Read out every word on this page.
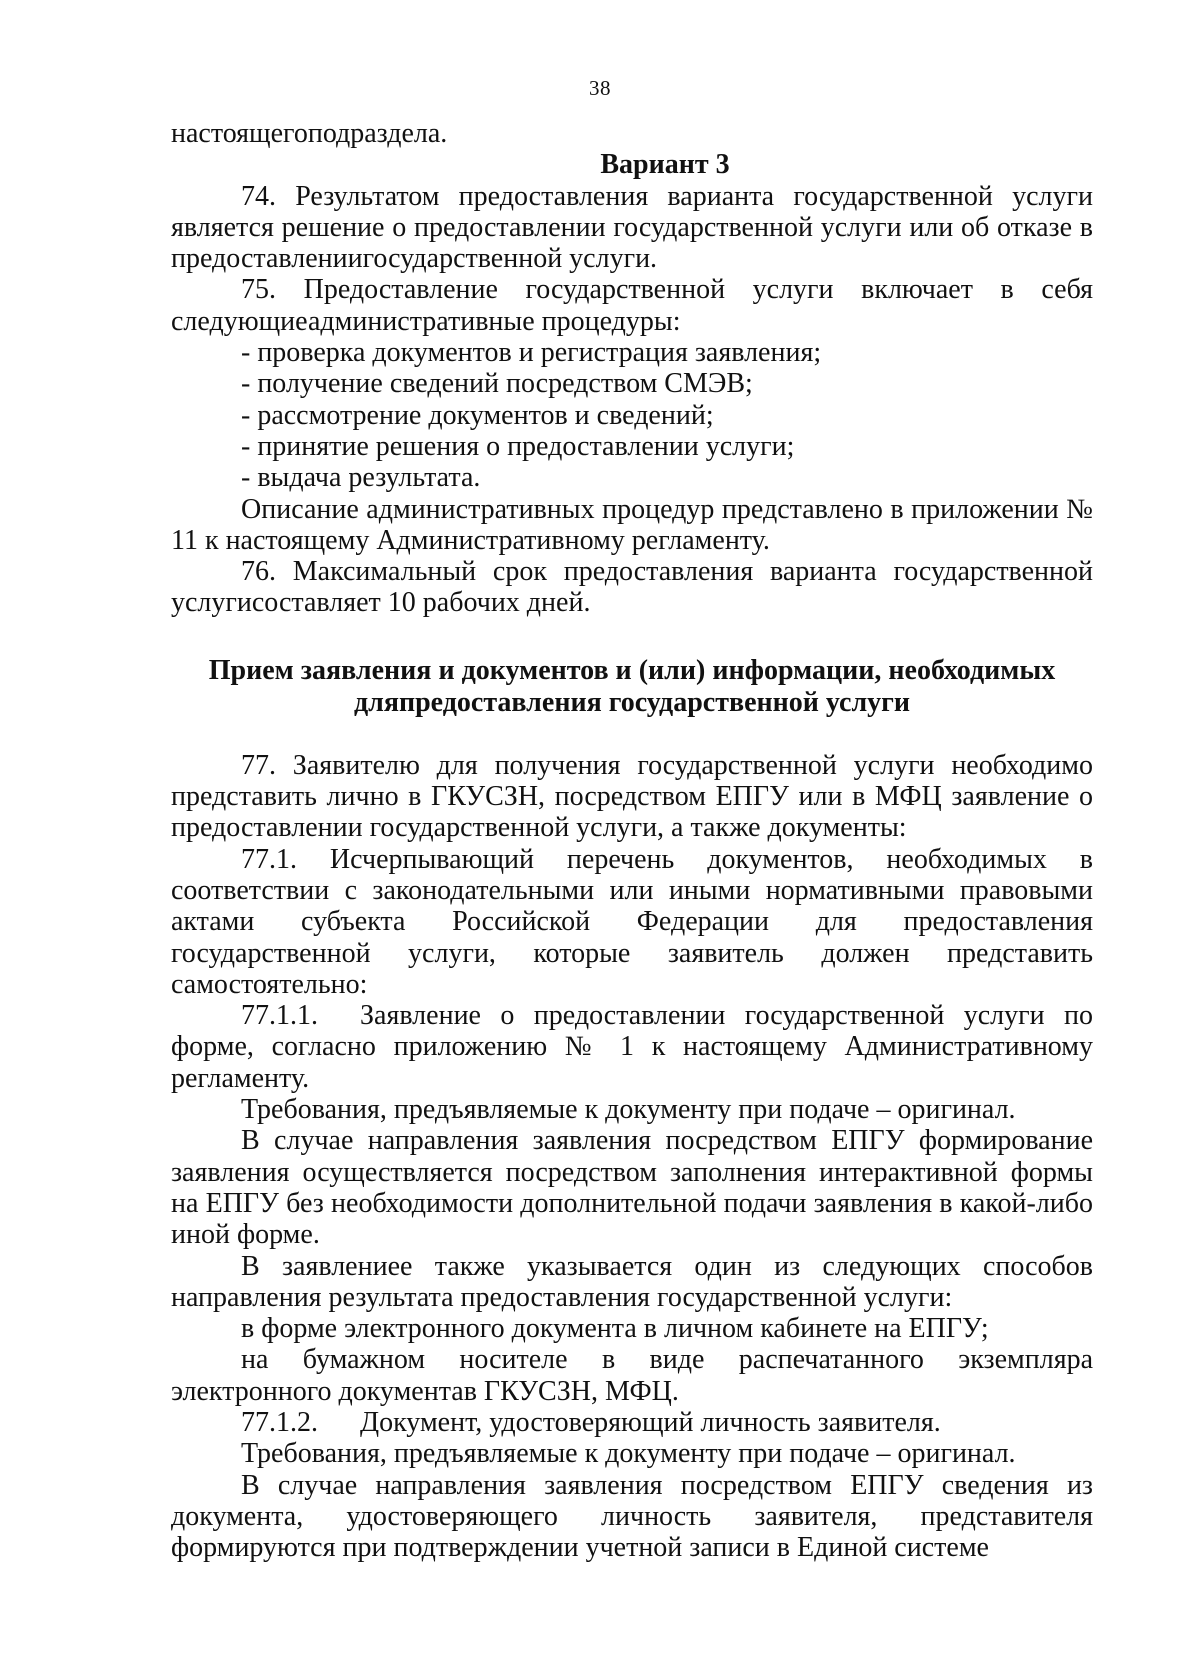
38

настоящегоподраздела.

Вариант 3

74. Результатом предоставления варианта государственной услуги является решение о предоставлении государственной услуги или об отказе в предоставлениигосударственной услуги.

75. Предоставление государственной услуги включает в себя следующиеадминистративные процедуры:

- проверка документов и регистрация заявления;

- получение сведений посредством СМЭВ;

- рассмотрение документов и сведений;

- принятие решения о предоставлении услуги;

- выдача результата.

Описание административных процедур представлено в приложении № 11 к настоящему Административному регламенту.

76. Максимальный срок предоставления варианта государственной услугисоставляет 10 рабочих дней.

Прием заявления и документов и (или) информации, необходимых
дляпредоставления государственной услуги

77. Заявителю для получения государственной услуги необходимо представить лично в ГКУСЗН, посредством ЕПГУ или в МФЦ заявление о предоставлении государственной услуги, а также документы:

77.1. Исчерпывающий перечень документов, необходимых в соответствии с законодательными или иными нормативными правовыми актами субъекта Российской Федерации для предоставления государственной услуги, которые заявитель должен представить самостоятельно:

77.1.1. Заявление о предоставлении государственной услуги по форме, согласно приложению № 1 к настоящему Административному регламенту.

Требования, предъявляемые к документу при подаче – оригинал.

В случае направления заявления посредством ЕПГУ формирование заявления осуществляется посредством заполнения интерактивной формы на ЕПГУ без необходимости дополнительной подачи заявления в какой-либо иной форме.

В заявлениее также указывается один из следующих способов направления результата предоставления государственной услуги:

в форме электронного документа в личном кабинете на ЕПГУ;

на бумажном носителе в виде распечатанного экземпляра электронного документав ГКУСЗН, МФЦ.

77.1.2. Документ, удостоверяющий личность заявителя.

Требования, предъявляемые к документу при подаче – оригинал.

В случае направления заявления посредством ЕПГУ сведения из документа, удостоверяющего личность заявителя, представителя формируются при подтверждении учетной записи в Единой системе
